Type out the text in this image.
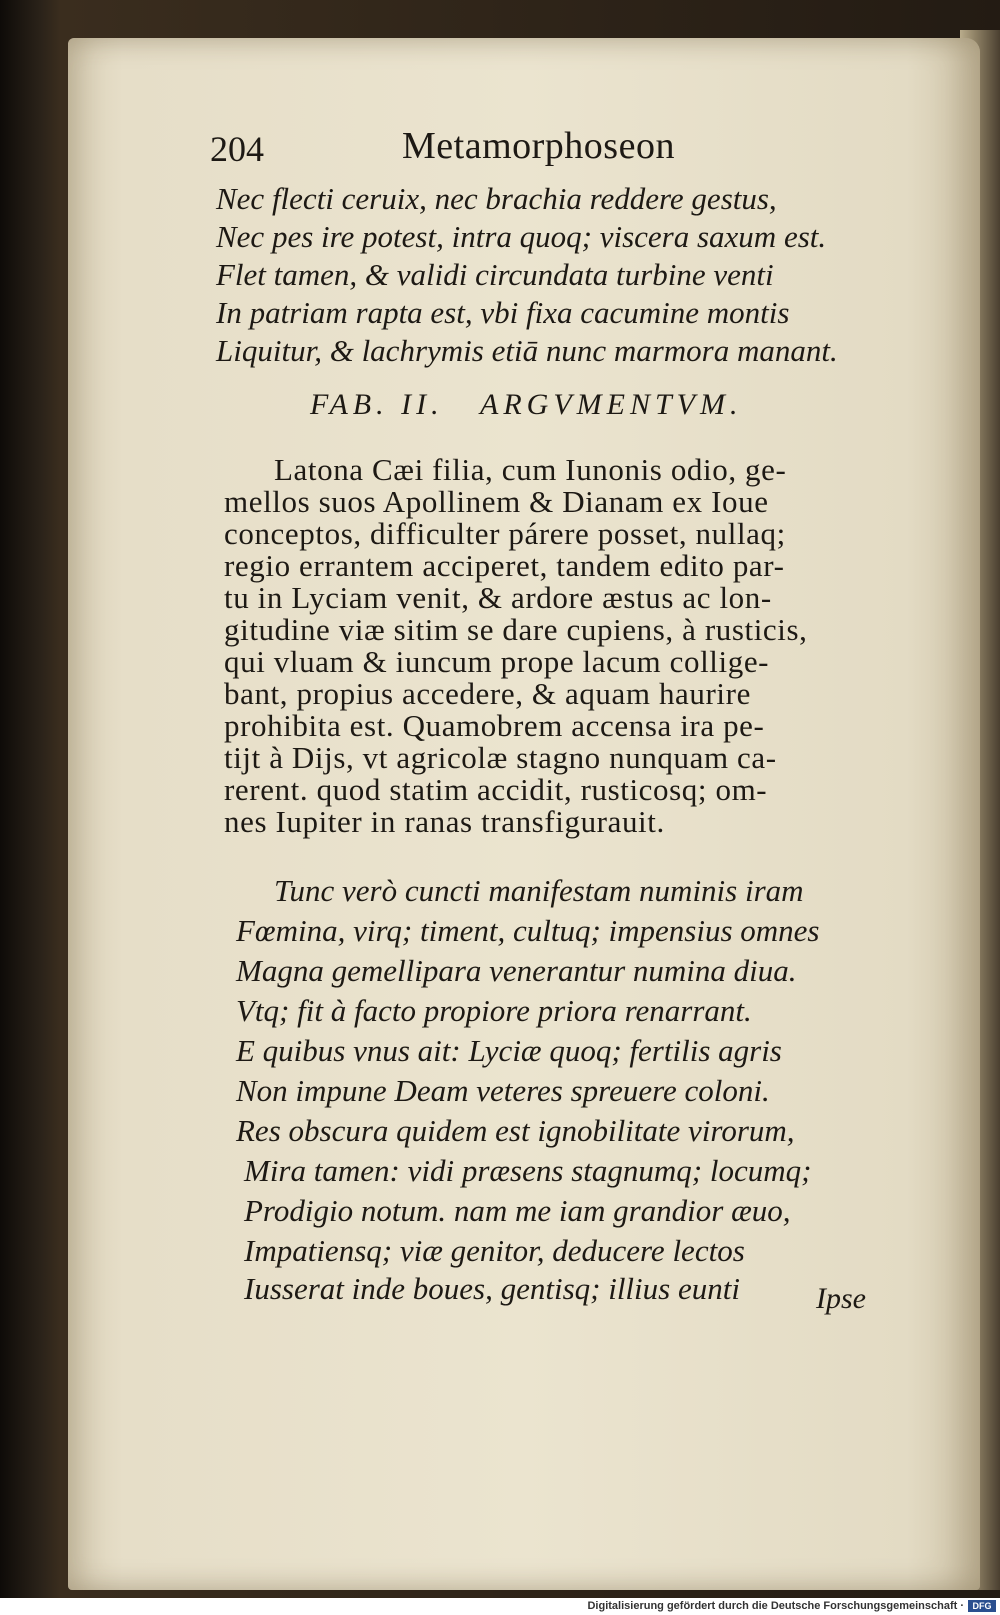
204	Metamorphoseon
Nec flecti ceruix, nec brachia reddere gestus,
Nec pes ire potest, intra quoq; viscera saxum est.
Flet tamen, & validi circundata turbine venti
In patriam rapta est, vbi fixa cacumine montis
Liquitur, & lachrymis etiā nunc marmora manant.
FAB. II. ARGVMENTVM.
Latona Cæi filia, cum Iunonis odio, ge-
mellos suos Apollinem & Dianam ex Ioue
conceptos, difficulter párere posset, nullaq;
regio errantem acciperet, tandem edito par-
tu in Lyciam venit, & ardore æstus ac lon-
gitudine viæ sitim se dare cupiens, à rusticis,
qui vluam & iuncum prope lacum collige-
bant, propius accedere, & aquam haurire
prohibita est. Quamobrem accensa ira pe-
tijt à Dijs, vt agricolæ stagno nunquam ca-
rerent. quod statim accidit, rusticosq; om-
nes Iupiter in ranas transfigurauit.
Tunc verò cuncti manifestam numinis iram
Fœmina, virq; timent, cultuq; impensius omnes
Magna gemellipara venerantur numina diua.
Vtq; fit à facto propiore priora renarrant.
E quibus vnus ait: Lyciæ quoq; fertilis agris
Non impune Deam veteres spreuere coloni.
Res obscura quidem est ignobilitate virorum,
Mira tamen: vidi præsens stagnumq; locumq;
Prodigio notum. nam me iam grandior æuo,
Impatiensq; viæ genitor, deducere lectos
Iusserat inde boues, gentisq; illius eunti	Ipse
Digitalisierung gefördert durch die Deutsche Forschungsgemeinschaft · DFG
